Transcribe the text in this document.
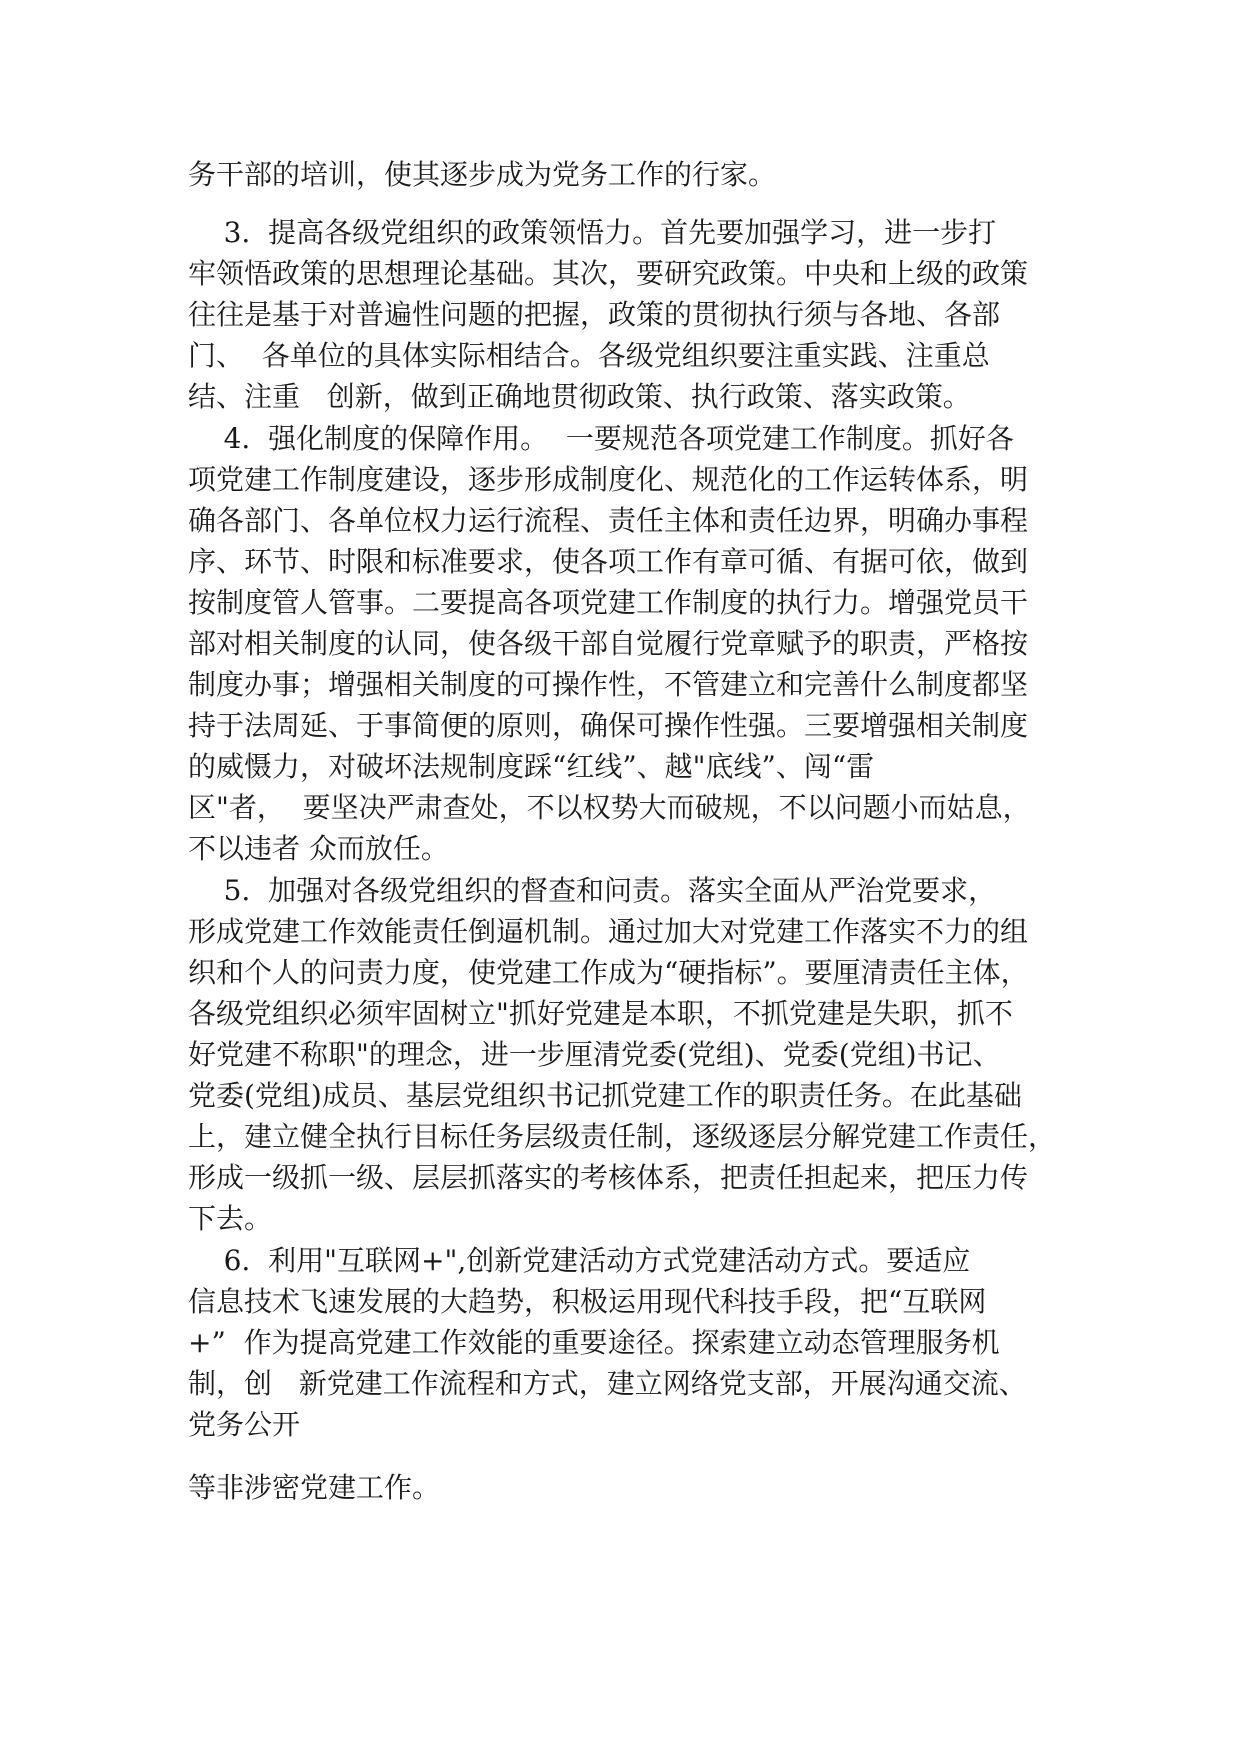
务干部的培训，使其逐步成为党务工作的行家。
3.  提高各级党组织的政策领悟力。首先要加强学习，进一步打
牢领悟政策的思想理论基础。其次，要研究政策。中央和上级的政策
往往是基于对普遍性问题的把握，政策的贯彻执行须与各地、各部
门、  各单位的具体实际相结合。各级党组织要注重实践、注重总
结、注重   创新，做到正确地贯彻政策、执行政策、落实政策。
4.  强化制度的保障作用。  一要规范各项党建工作制度。抓好各
项党建工作制度建设，逐步形成制度化、规范化的工作运转体系，明
确各部门、各单位权力运行流程、责任主体和责任边界，明确办事程
序、环节、时限和标准要求，使各项工作有章可循、有据可依，做到
按制度管人管事。二要提高各项党建工作制度的执行力。增强党员干
部对相关制度的认同，使各级干部自觉履行党章赋予的职责，严格按
制度办事；增强相关制度的可操作性，不管建立和完善什么制度都坚
持于法周延、于事简便的原则，确保可操作性强。三要增强相关制度
的威慑力，对破坏法规制度踩“红线”、越"底线”、闯“雷
区"者，  要坚决严肃查处，不以权势大而破规，不以问题小而姑息，
不以违者 众而放任。
5.  加强对各级党组织的督查和问责。落实全面从严治党要求，
形成党建工作效能责任倒逼机制。通过加大对党建工作落实不力的组
织和个人的问责力度，使党建工作成为“硬指标”。要厘清责任主体，
各级党组织必须牢固树立"抓好党建是本职，不抓党建是失职，抓不
好党建不称职"的理念，进一步厘清党委(党组)、党委(党组)书记、
党委(党组)成员、基层党组织书记抓党建工作的职责任务。在此基础
上，建立健全执行目标任务层级责任制，逐级逐层分解党建工作责任，
形成一级抓一级、层层抓落实的考核体系，把责任担起来，把压力传
下去。
6.  利用"互联网+",创新党建活动方式党建活动方式。要适应
信息技术飞速发展的大趋势，积极运用现代科技手段，把“互联网
+”  作为提高党建工作效能的重要途径。探索建立动态管理服务机
制，创   新党建工作流程和方式，建立网络党支部，开展沟通交流、
党务公开
等非涉密党建工作。
